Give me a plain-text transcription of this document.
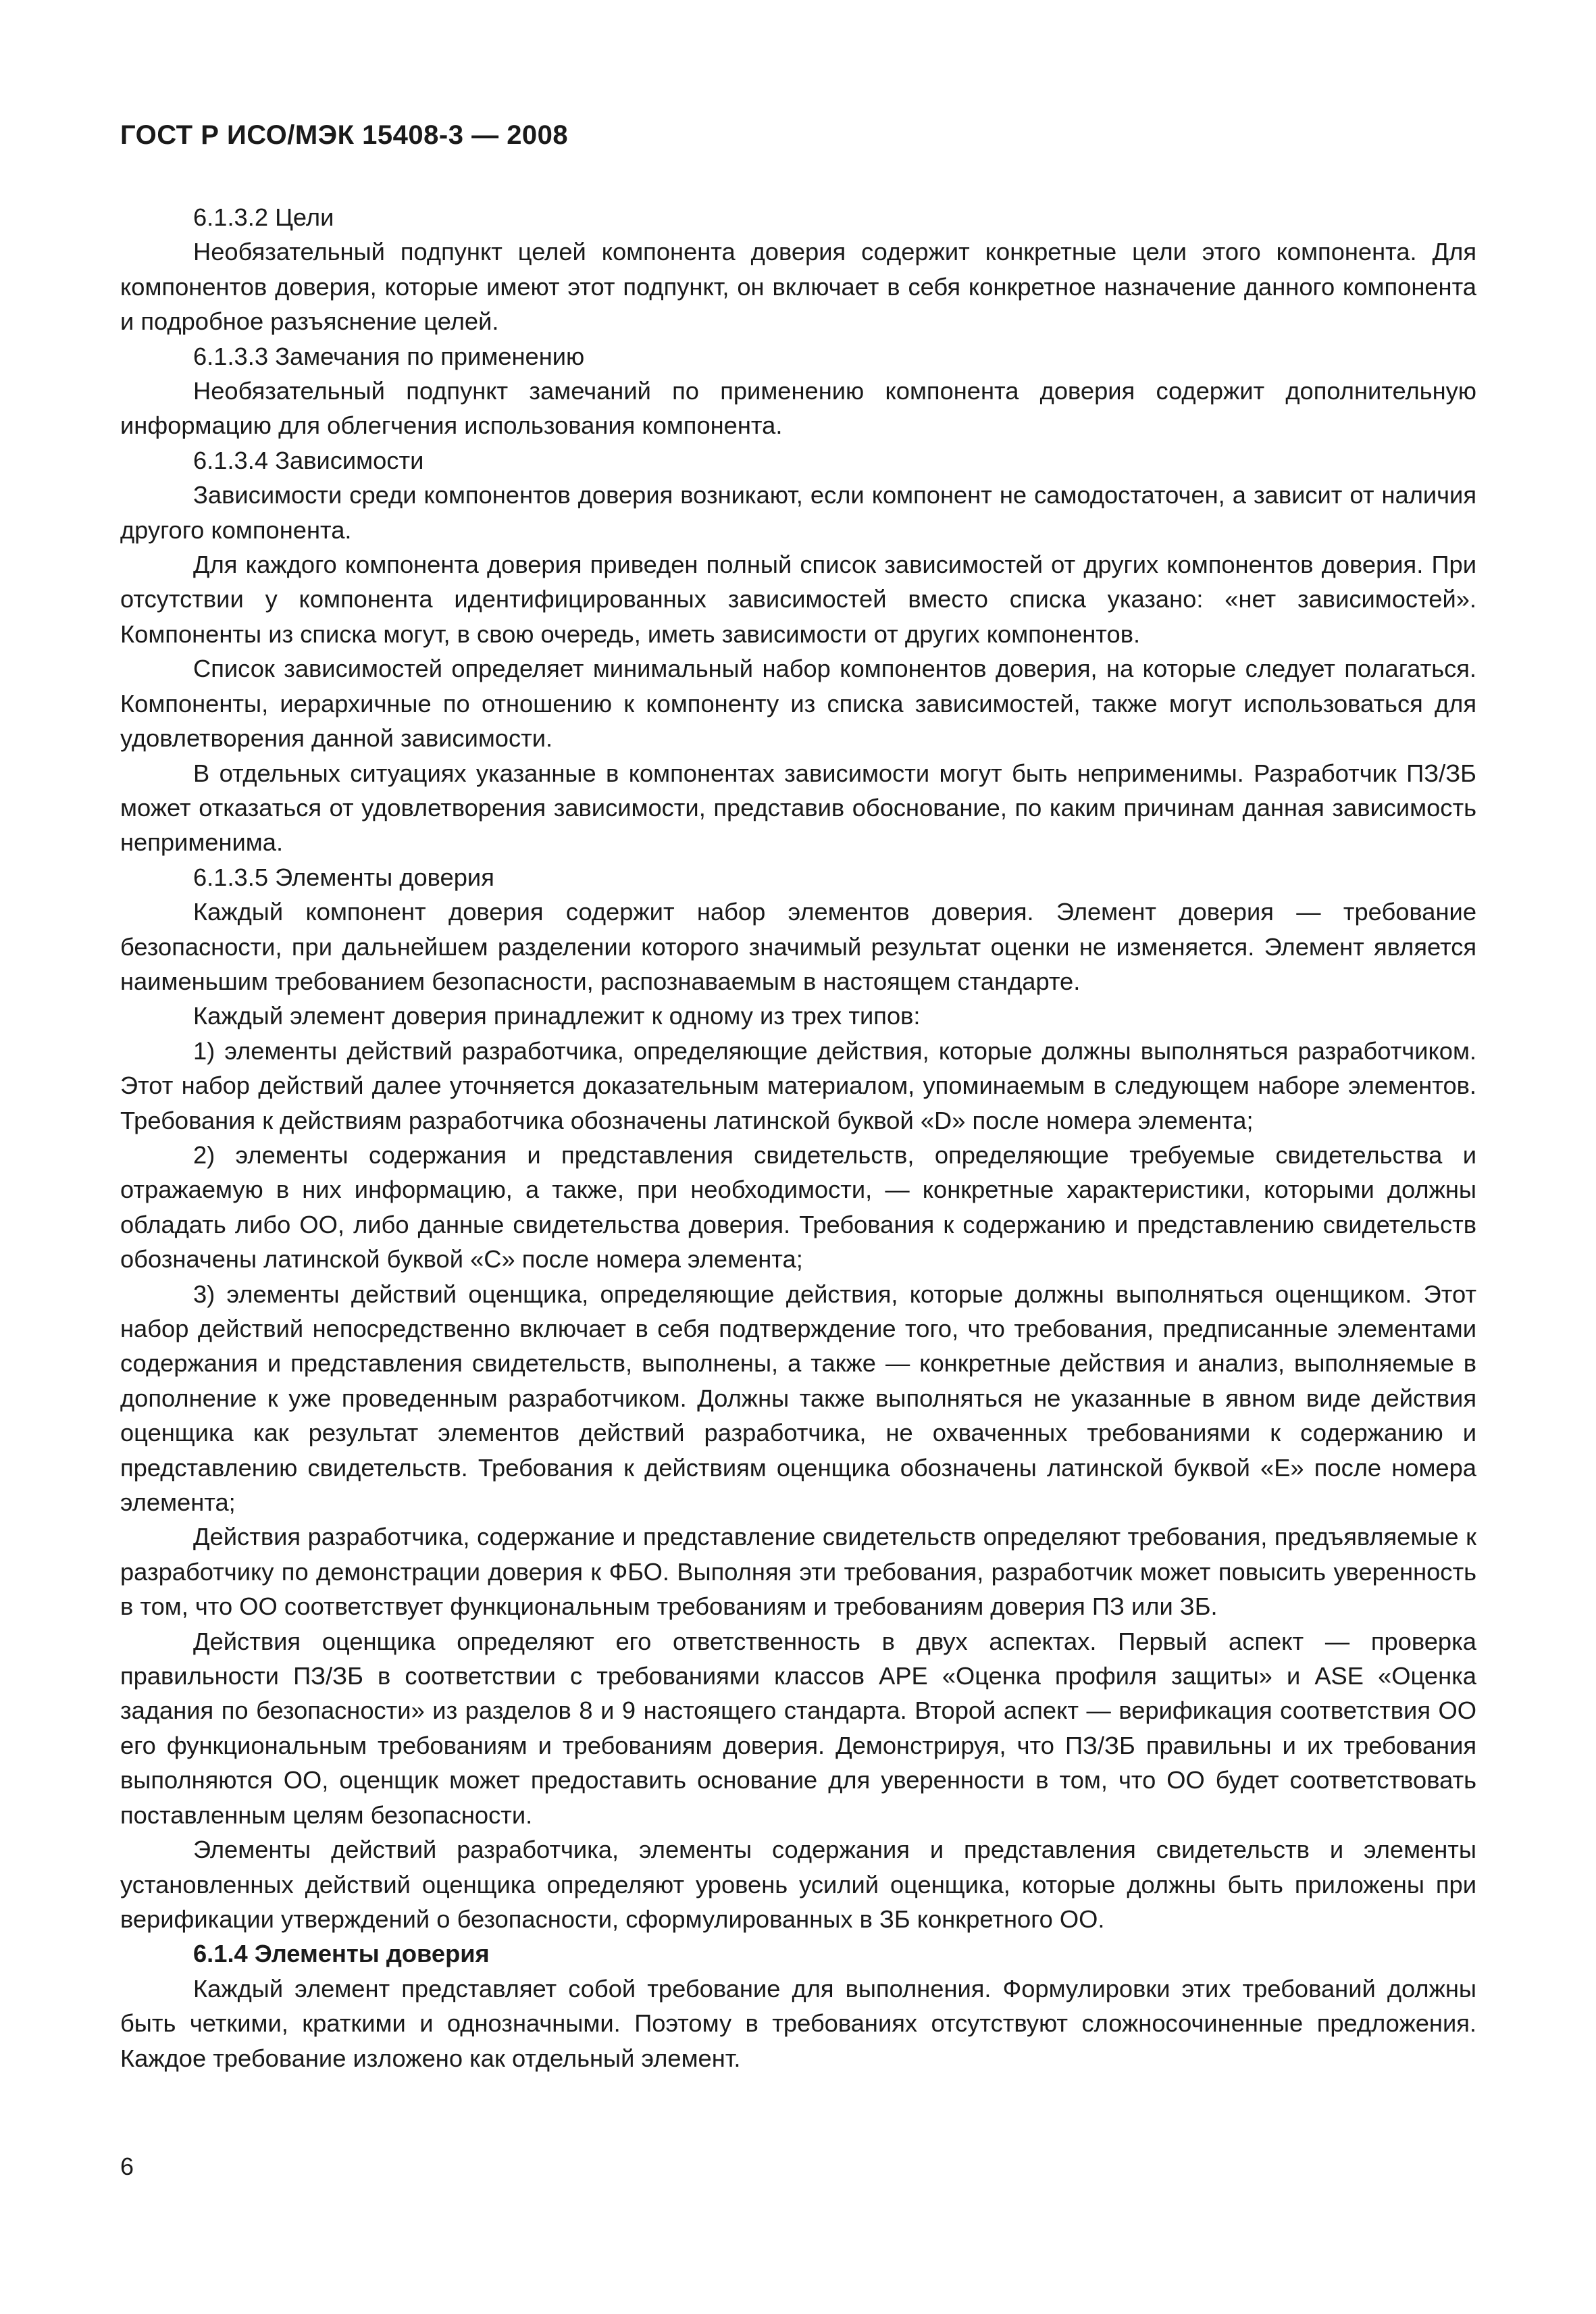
ГОСТ Р ИСО/МЭК 15408-3 — 2008

6.1.3.2 Цели

Необязательный подпункт целей компонента доверия содержит конкретные цели этого компонента. Для компонентов доверия, которые имеют этот подпункт, он включает в себя конкретное назначение данного компонента и подробное разъяснение целей.

6.1.3.3 Замечания по применению

Необязательный подпункт замечаний по применению компонента доверия содержит дополнительную информацию для облегчения использования компонента.

6.1.3.4 Зависимости

Зависимости среди компонентов доверия возникают, если компонент не самодостаточен, а зависит от наличия другого компонента.

Для каждого компонента доверия приведен полный список зависимостей от других компонентов доверия. При отсутствии у компонента идентифицированных зависимостей вместо списка указано: «нет зависимостей». Компоненты из списка могут, в свою очередь, иметь зависимости от других компонентов.

Список зависимостей определяет минимальный набор компонентов доверия, на которые следует полагаться. Компоненты, иерархичные по отношению к компоненту из списка зависимостей, также могут использоваться для удовлетворения данной зависимости.

В отдельных ситуациях указанные в компонентах зависимости могут быть неприменимы. Разработчик ПЗ/ЗБ может отказаться от удовлетворения зависимости, представив обоснование, по каким причинам данная зависимость неприменима.

6.1.3.5 Элементы доверия

Каждый компонент доверия содержит набор элементов доверия. Элемент доверия — требование безопасности, при дальнейшем разделении которого значимый результат оценки не изменяется. Элемент является наименьшим требованием безопасности, распознаваемым в настоящем стандарте.

Каждый элемент доверия принадлежит к одному из трех типов:

1) элементы действий разработчика, определяющие действия, которые должны выполняться разработчиком. Этот набор действий далее уточняется доказательным материалом, упоминаемым в следующем наборе элементов. Требования к действиям разработчика обозначены латинской буквой «D» после номера элемента;

2) элементы содержания и представления свидетельств, определяющие требуемые свидетельства и отражаемую в них информацию, а также, при необходимости, — конкретные характеристики, которыми должны обладать либо ОО, либо данные свидетельства доверия. Требования к содержанию и представлению свидетельств обозначены латинской буквой «С» после номера элемента;

3) элементы действий оценщика, определяющие действия, которые должны выполняться оценщиком. Этот набор действий непосредственно включает в себя подтверждение того, что требования, предписанные элементами содержания и представления свидетельств, выполнены, а также — конкретные действия и анализ, выполняемые в дополнение к уже проведенным разработчиком. Должны также выполняться не указанные в явном виде действия оценщика как результат элементов действий разработчика, не охваченных требованиями к содержанию и представлению свидетельств. Требования к действиям оценщика обозначены латинской буквой «Е» после номера элемента;

Действия разработчика, содержание и представление свидетельств определяют требования, предъявляемые к разработчику по демонстрации доверия к ФБО. Выполняя эти требования, разработчик может повысить уверенность в том, что ОО соответствует функциональным требованиям и требованиям доверия ПЗ или ЗБ.

Действия оценщика определяют его ответственность в двух аспектах. Первый аспект — проверка правильности ПЗ/ЗБ в соответствии с требованиями классов APE «Оценка профиля защиты» и ASE «Оценка задания по безопасности» из разделов 8 и 9 настоящего стандарта. Второй аспект — верификация соответствия ОО его функциональным требованиям и требованиям доверия. Демонстрируя, что ПЗ/ЗБ правильны и их требования выполняются ОО, оценщик может предоставить основание для уверенности в том, что ОО будет соответствовать поставленным целям безопасности.

Элементы действий разработчика, элементы содержания и представления свидетельств и элементы установленных действий оценщика определяют уровень усилий оценщика, которые должны быть приложены при верификации утверждений о безопасности, сформулированных в ЗБ конкретного ОО.

6.1.4 Элементы доверия

Каждый элемент представляет собой требование для выполнения. Формулировки этих требований должны быть четкими, краткими и однозначными. Поэтому в требованиях отсутствуют сложносочиненные предложения. Каждое требование изложено как отдельный элемент.

6
